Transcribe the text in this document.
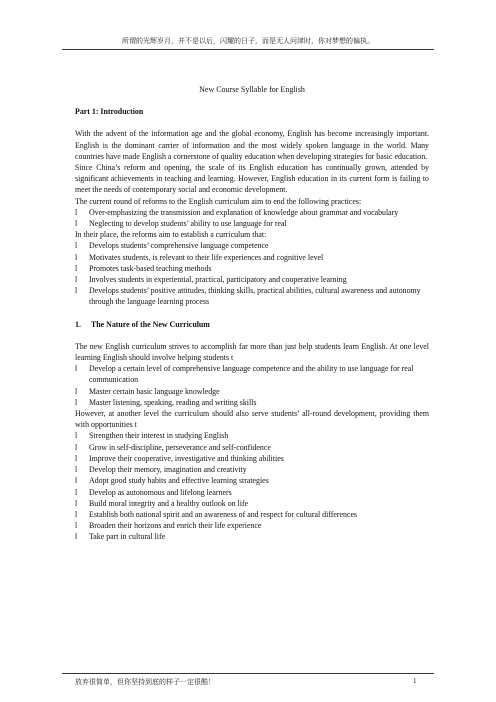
所谓的光辉岁月，并不是以后，闪耀的日子，而是无人问津时，你对梦想的偏执。
New Course Syllable for English
Part 1: Introduction

With the advent of the information age and the global economy, English has become increasingly important. English is the dominant carrier of information and the most widely spoken language in the world. Many countries have made English a cornerstone of quality education when developing strategies for basic education.

Since China’s reform and opening, the scale of its English education has continually grown, attended by significant achievements in teaching and learning. However, English education in its current form is failing to meet the needs of contemporary social and economic development.

The current round of reforms to the English curriculum aim to end the following practices:

l	Over-emphasizing the transmission and explanation of knowledge about grammar and vocabulary
l	Neglecting to develop students’ ability to use language for real

In their place, the reforms aim to establish a curriculum that:

l	Develops students’ comprehensive language competence
l	Motivates students, is relevant to their life experiences and cognitive level
l	Promotes task-based teaching methods
l	Involves students in experiential, practical, participatory and cooperative learning
l	Develops students’ positive attitudes, thinking skills, practical abilities, cultural awareness and autonomy through the language learning process
1.	The Nature of the New Curriculum

The new English curriculum strives to accomplish far more than just help students learn English. At one level learning English should involve helping students t

l	Develop a certain level of comprehensive language competence and the ability to use language for real communication
l	Master certain basic language knowledge
l	Master listening, speaking, reading and writing skills

However, at another level the curriculum should also serve students’ all-round development, providing them with opportunities t

l	Strengthen their interest in studying English
l	Grow in self-discipline, perseverance and self-confidence
l	Improve their cooperative, investigative and thinking abilities
l	Develop their memory, imagination and creativity
l	Adopt good study habits and effective learning strategies
l	Develop as autonomous and lifelong learners
l	Build moral integrity and a healthy outlook on life
l	Establish both national spirit and an awareness of and respect for cultural differences
l	Broaden their horizons and enrich their life experience
l	Take part in cultural life
放弃很简单，但你坚持到底的样子一定很酷！	1
